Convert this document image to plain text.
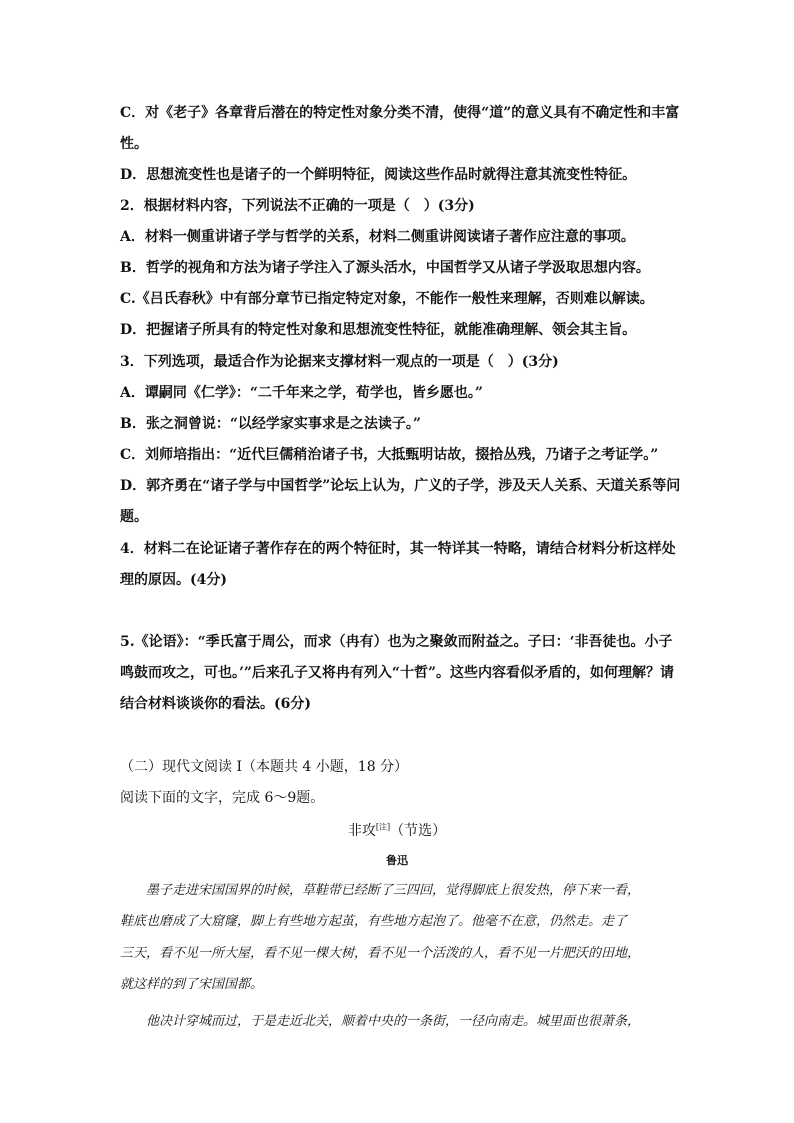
C．对《老子》各章背后潜在的特定性对象分类不清，使得“道”的意义具有不确定性和丰富
性。
D．思想流变性也是诸子的一个鲜明特征，阅读这些作品时就得注意其流变性特征。
2．根据材料内容，下列说法不正确的一项是（　）(3分)
A．材料一侧重讲诸子学与哲学的关系，材料二侧重讲阅读诸子著作应注意的事项。
B．哲学的视角和方法为诸子学注入了源头活水，中国哲学又从诸子学汲取思想内容。
C.《吕氏春秋》中有部分章节已指定特定对象，不能作一般性来理解，否则难以解读。
D．把握诸子所具有的特定性对象和思想流变性特征，就能准确理解、领会其主旨。
3．下列选项，最适合作为论据来支撑材料一观点的一项是（　）(3分)
A．谭嗣同《仁学》：“二千年来之学，荀学也，皆乡愿也。”
B．张之洞曾说：“以经学家实事求是之法读子。”
C．刘师培指出：“近代巨儒稍治诸子书，大抵甄明诂故，掇拾丛残，乃诸子之考证学。”
D．郭齐勇在“诸子学与中国哲学”论坛上认为，广义的子学，涉及天人关系、天道关系等问
题。
4．材料二在论证诸子著作存在的两个特征时，其一特详其一特略，请结合材料分析这样处
理的原因。(4分)
5.《论语》：“季氏富于周公，而求（冉有）也为之聚敛而附益之。子曰：‘非吾徒也。小子
鸣鼓而攻之，可也。’”后来孔子又将冉有列入“十哲”。这些内容看似矛盾的，如何理解？请
结合材料谈谈你的看法。(6分)
（二）现代文阅读 I（本题共 4 小题，18 分）
阅读下面的文字，完成 6～9题。
非攻[注]（节选）
鲁迅
　　墨子走进宋国国界的时候，草鞋带已经断了三四回，觉得脚底上很发热，停下来一看，
鞋底也磨成了大窟窿，脚上有些地方起茧，有些地方起泡了。他毫不在意，仍然走。走了
三天，看不见一所大屋，看不见一棵大树，看不见一个活泼的人，看不见一片肥沃的田地，
就这样的到了宋国国都。
　　他决计穿城而过，于是走近北关，顺着中央的一条街，一径向南走。城里面也很萧条，
